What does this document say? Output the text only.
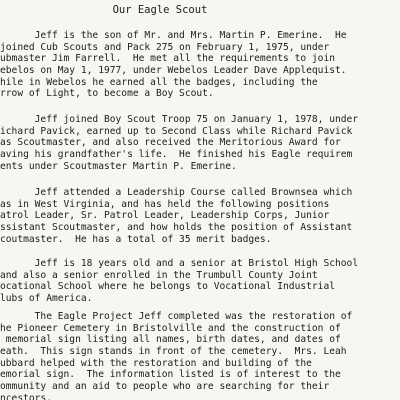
Our Eagle Scout
Jeff is the son of Mr. and Mrs. Martin P. Emerine.  He
joined Cub Scouts and Pack 275 on February 1, 1975, under
ubmaster Jim Farrell.  He met all the requirements to join
ebelos on May 1, 1977, under Webelos Leader Dave Applequist.
hile in Webelos he earned all the badges, including the
rrow of Light, to become a Boy Scout.
Jeff joined Boy Scout Troop 75 on January 1, 1978, under
ichard Pavick, earned up to Second Class while Richard Pavick
as Scoutmaster, and also received the Meritorious Award for
aving his grandfather's life.  He finished his Eagle requirem
ents under Scoutmaster Martin P. Emerine.
Jeff attended a Leadership Course called Brownsea which
as in West Virginia, and has held the following positions
atrol Leader, Sr. Patrol Leader, Leadership Corps, Junior
ssistant Scoutmaster, and how holds the position of Assistant
coutmaster.  He has a total of 35 merit badges.
Jeff is 18 years old and a senior at Bristol High School
and also a senior enrolled in the Trumbull County Joint
ocational School where he belongs to Vocational Industrial
lubs of America.
The Eagle Project Jeff completed was the restoration of
he Pioneer Cemetery in Bristolville and the construction of
memorial sign listing all names, birth dates, and dates of
eath.  This sign stands in front of the cemetery.  Mrs. Leah
ubbard helped with the restoration and building of the
emorial sign.  The information listed is of interest to the
ommunity and an aid to people who are searching for their
ncestors.
